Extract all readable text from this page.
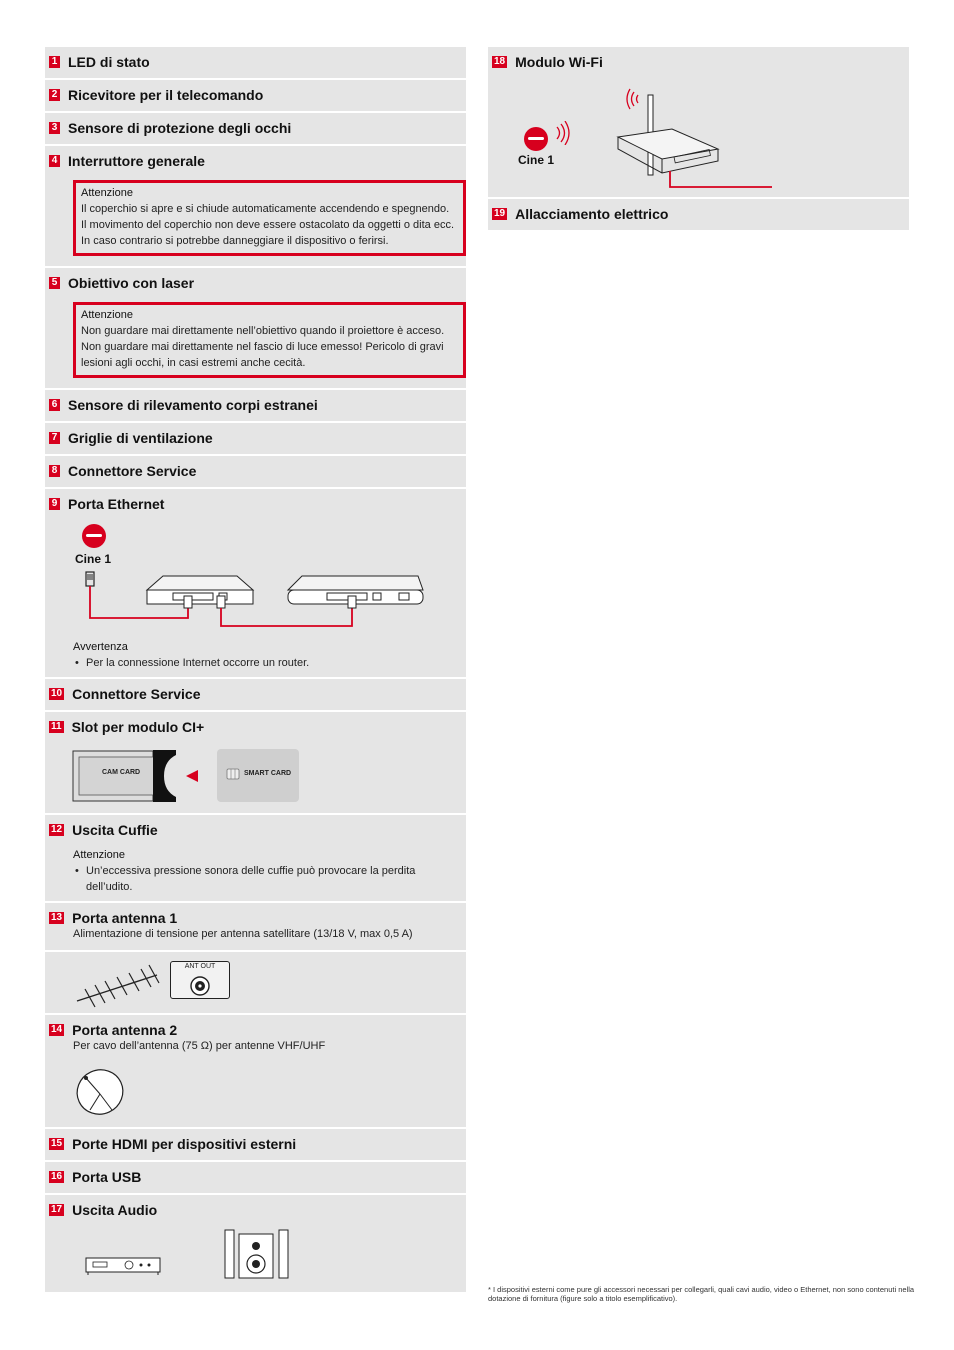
1 LED di stato
2 Ricevitore per il telecomando
3 Sensore di protezione degli occhi
4 Interruttore generale
Attenzione
Il coperchio si apre e si chiude automaticamente accendendo e spegnendo. Il movimento del coperchio non deve essere ostacolato da oggetti o dita ecc. In caso contrario si potrebbe danneggiare il dispositivo o ferirsi.
5 Obiettivo con laser
Attenzione
Non guardare mai direttamente nell’obiettivo quando il proiettore è acceso. Non guardare mai direttamente nel fascio di luce emesso! Pericolo di gravi lesioni agli occhi, in casi estremi anche cecità.
6 Sensore di rilevamento corpi estranei
7 Griglie di ventilazione
8 Connettore Service
9 Porta Ethernet
Cine 1
Avvertenza
• Per la connessione Internet occorre un router.
10 Connettore Service
11 Slot per modulo CI+
CAM CARD	SMART CARD
12 Uscita Cuffie
Attenzione
• Un’eccessiva pressione sonora delle cuffie può provocare la perdita dell’udito.
13 Porta antenna 1
Alimentazione di tensione per antenna satellitare (13/18 V, max 0,5 A)
ANT OUT
14 Porta antenna 2
Per cavo dell’antenna (75 Ω) per antenne VHF/UHF
15 Porte HDMI per dispositivi esterni
16 Porta USB
17 Uscita Audio
18 Modulo Wi-Fi
Cine 1
19 Allacciamento elettrico
* I dispositivi esterni come pure gli accessori necessari per collegarli, quali cavi audio, video o Ethernet, non sono contenuti nella dotazione di fornitura (figure solo a titolo esemplificativo).
